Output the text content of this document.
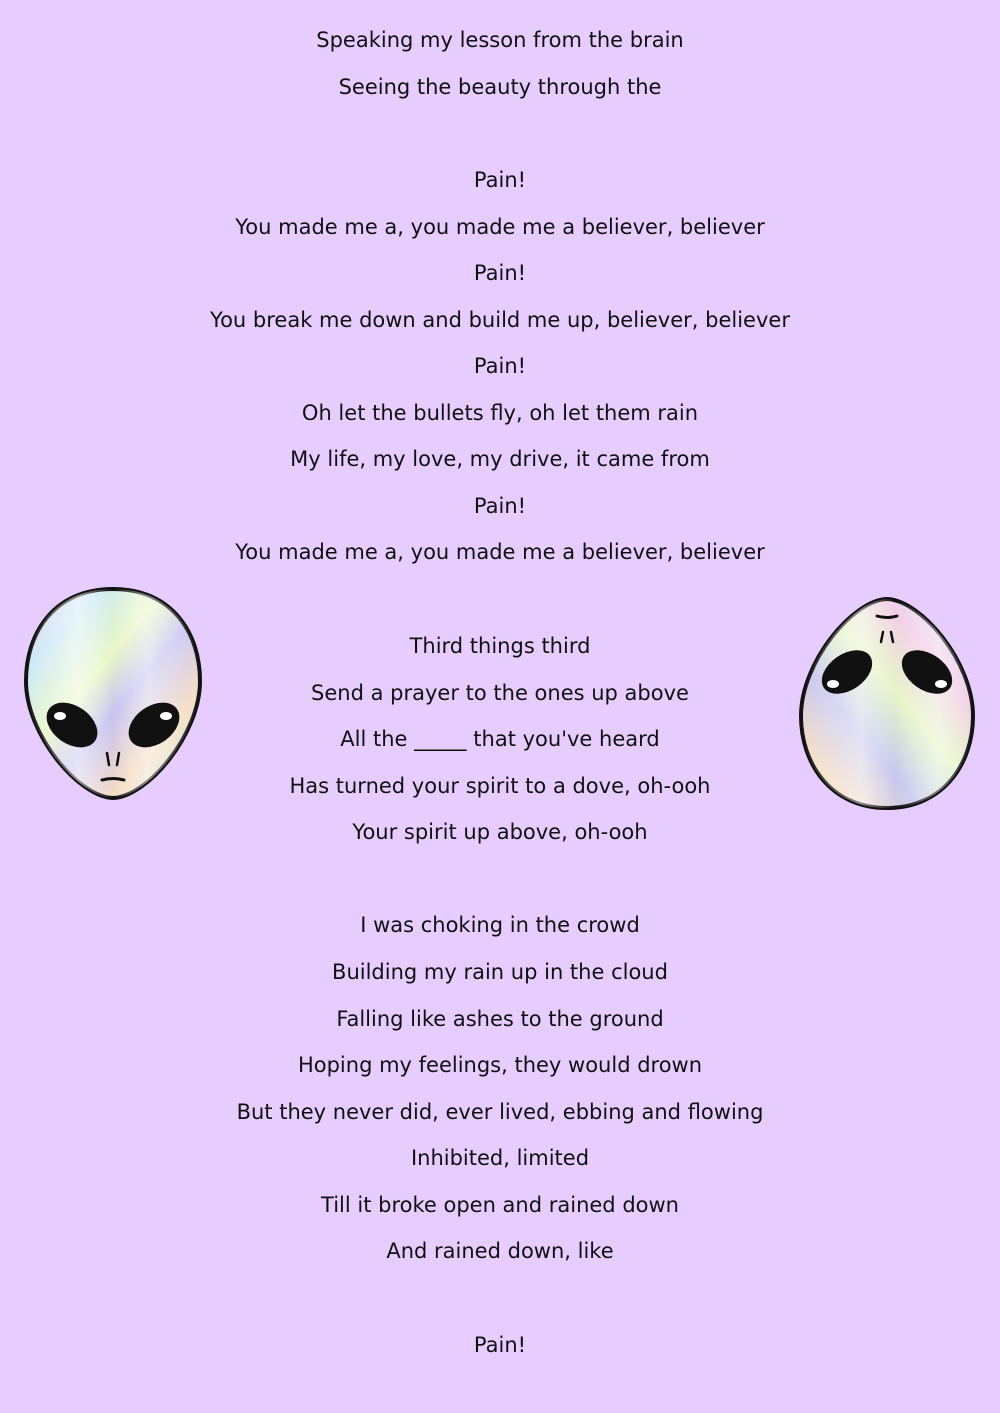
Speaking my lesson from the brain
Seeing the beauty through the
Pain!
You made me a, you made me a believer, believer
Pain!
You break me down and build me up, believer, believer
Pain!
Oh let the bullets fly, oh let them rain
My life, my love, my drive, it came from
Pain!
You made me a, you made me a believer, believer
Third things third
Send a prayer to the ones up above
All the _____ that you've heard
Has turned your spirit to a dove, oh-ooh
Your spirit up above, oh-ooh
I was choking in the crowd
Building my rain up in the cloud
Falling like ashes to the ground
Hoping my feelings, they would drown
But they never did, ever lived, ebbing and flowing
Inhibited, limited
Till it broke open and rained down
And rained down, like
Pain!
